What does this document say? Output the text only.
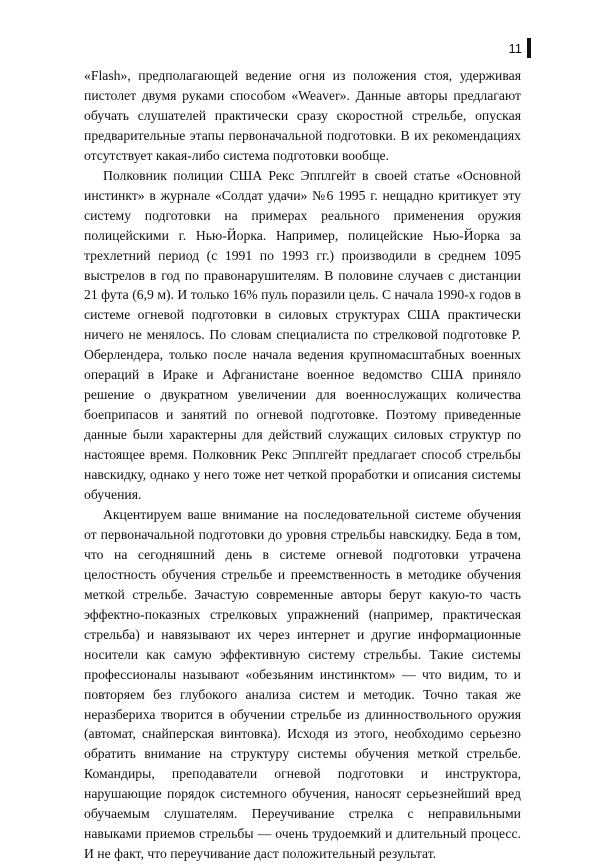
11

«Flash», предполагающей ведение огня из положения стоя, удерживая пистолет двумя руками способом «Weaver». Данные авторы предлагают обучать слушателей практически сразу скоростной стрельбе, опуская предварительные этапы первоначальной подготовки. В их рекомендациях отсутствует какая-либо система подготовки вообще.

Полковник полиции США Рекс Эпплгейт в своей статье «Основной инстинкт» в журнале «Солдат удачи» №6 1995 г. нещадно критикует эту систему подготовки на примерах реального применения оружия полицейскими г. Нью-Йорка. Например, полицейские Нью-Йорка за трехлетний период (с 1991 по 1993 гг.) производили в среднем 1095 выстрелов в год по правонарушителям. В половине случаев с дистанции 21 фута (6,9 м). И только 16% пуль поразили цель. С начала 1990-х годов в системе огневой подготовки в силовых структурах США практически ничего не менялось. По словам специалиста по стрелковой подготовке Р. Оберлендера, только после начала ведения крупномасштабных военных операций в Ираке и Афганистане военное ведомство США приняло решение о двукратном увеличении для военнослужащих количества боеприпасов и занятий по огневой подготовке. Поэтому приведенные данные были характерны для действий служащих силовых структур по настоящее время. Полковник Рекс Эпплгейт предлагает способ стрельбы навскидку, однако у него тоже нет четкой проработки и описания системы обучения.

Акцентируем ваше внимание на последовательной системе обучения от первоначальной подготовки до уровня стрельбы навскидку. Беда в том, что на сегодняшний день в системе огневой подготовки утрачена целостность обучения стрельбе и преемственность в методике обучения меткой стрельбе. Зачастую современные авторы берут какую-то часть эффектно-показных стрелковых упражнений (например, практическая стрельба) и навязывают их через интернет и другие информационные носители как самую эффективную систему стрельбы. Такие системы профессионалы называют «обезьяним инстинктом» — что видим, то и повторяем без глубокого анализа систем и методик. Точно такая же неразбериха творится в обучении стрельбе из длинноствольного оружия (автомат, снайперская винтовка). Исходя из этого, необходимо серьезно обратить внимание на структуру системы обучения меткой стрельбе. Командиры, преподаватели огневой подготовки и инструктора, нарушающие порядок системного обучения, наносят серьезнейший вред обучаемым слушателям. Переучивание стрелка с неправильными навыками приемов стрельбы — очень трудоемкий и длительный процесс. И не факт, что переучивание даст положительный результат.
